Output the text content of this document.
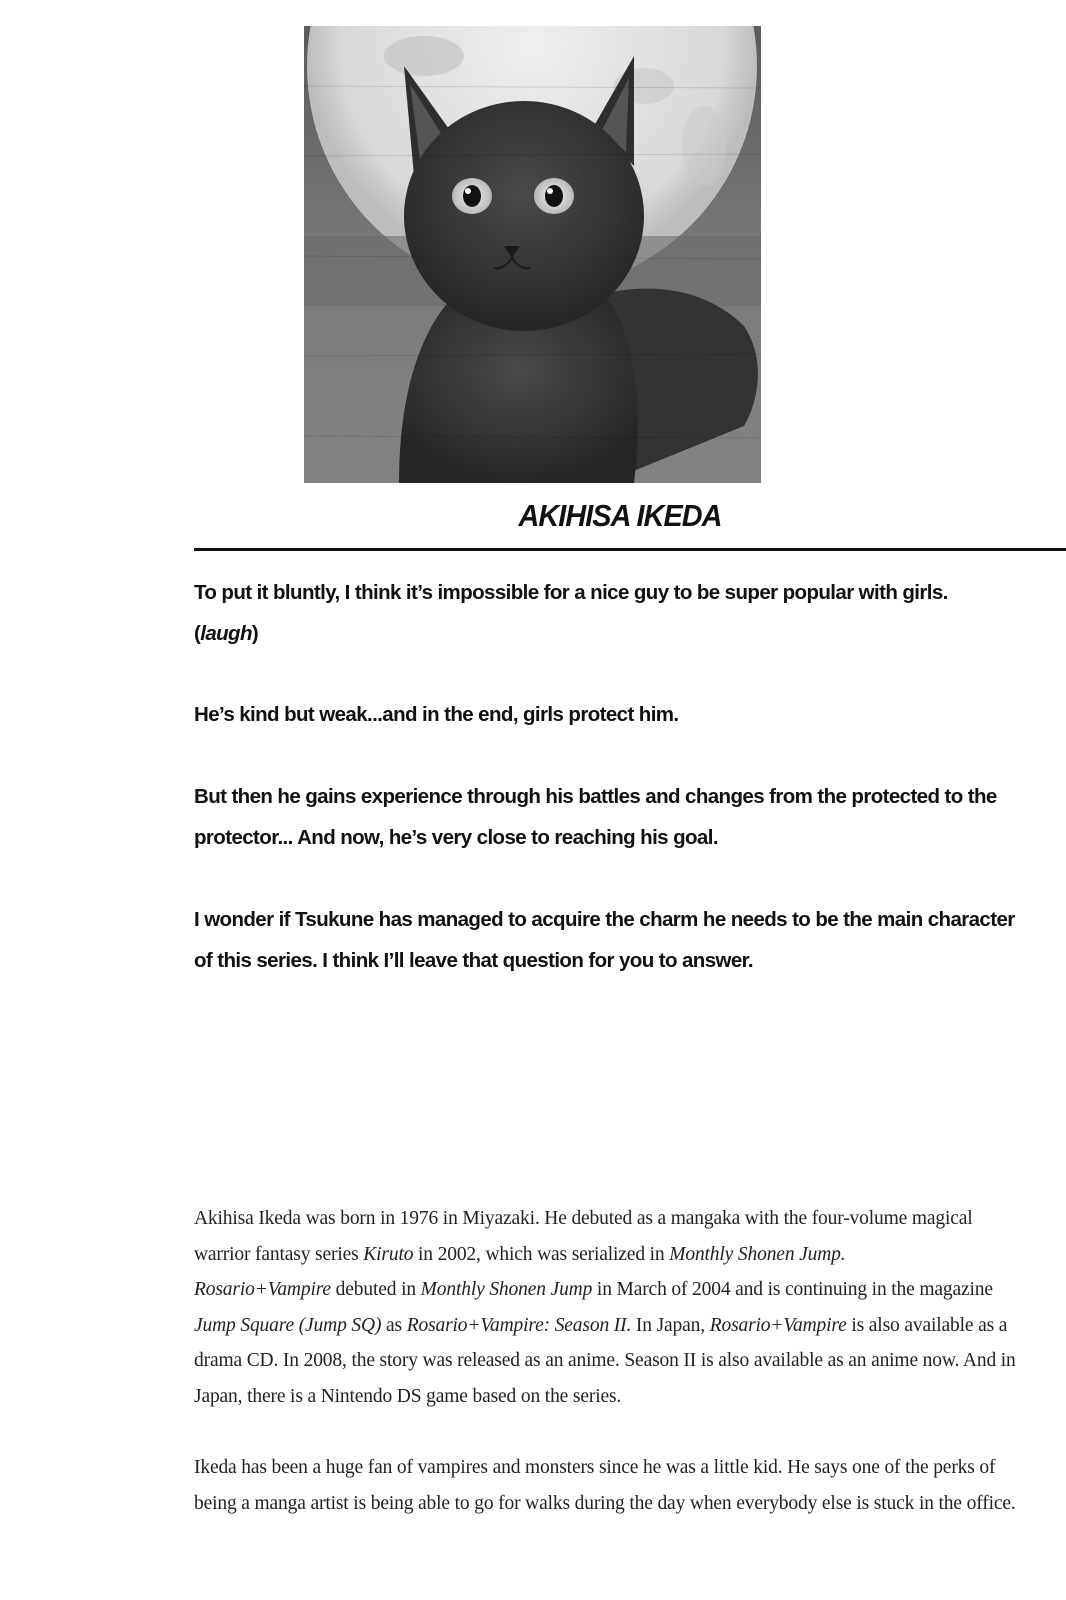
AKIHISA IKEDA

To put it bluntly, I think it’s impossible for a nice guy to be super popular with girls.
(laugh)

He’s kind but weak...and in the end, girls protect him.

But then he gains experience through his battles and changes from the protected to the
protector... And now, he’s very close to reaching his goal.

I wonder if Tsukune has managed to acquire the charm he needs to be the main character
of this series. I think I’ll leave that question for you to answer.

Akihisa Ikeda was born in 1976 in Miyazaki. He debuted as a mangaka with the four-volume magical warrior fantasy series Kiruto in 2002, which was serialized in Monthly Shonen Jump.
Rosario+Vampire debuted in Monthly Shonen Jump in March of 2004 and is continuing in the magazine Jump Square (Jump SQ) as Rosario+Vampire: Season II. In Japan, Rosario+Vampire is also available as a drama CD. In 2008, the story was released as an anime. Season II is also available as an anime now. And in Japan, there is a Nintendo DS game based on the series.

Ikeda has been a huge fan of vampires and monsters since he was a little kid. He says one of the perks of being a manga artist is being able to go for walks during the day when everybody else is stuck in the office.
